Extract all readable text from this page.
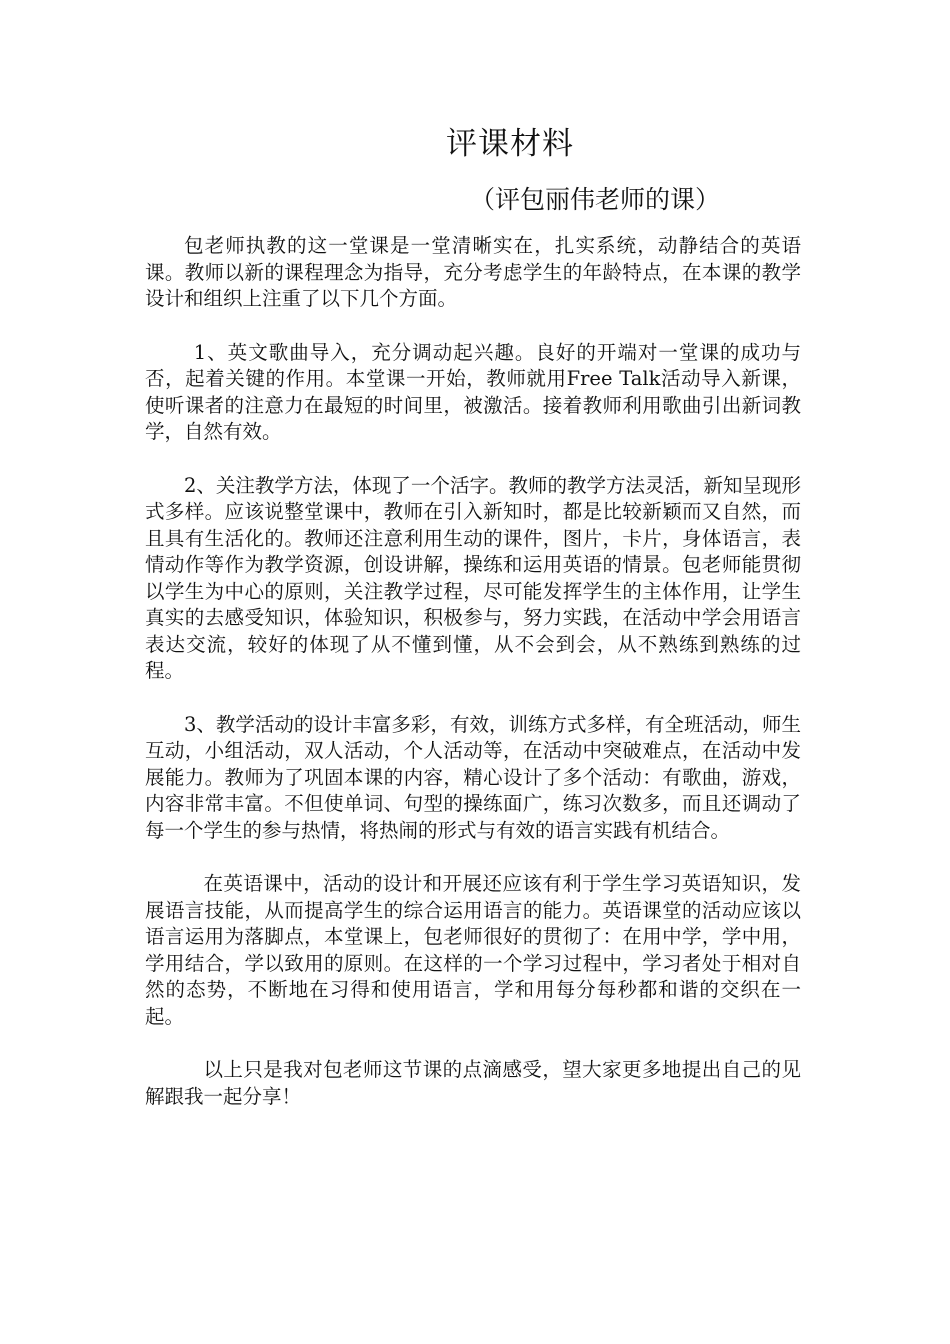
评课材料

（评包丽伟老师的课）

包老师执教的这一堂课是一堂清晰实在，扎实系统，动静结合的英语课。教师以新的课程理念为指导，充分考虑学生的年龄特点，在本课的教学设计和组织上注重了以下几个方面。

1、英文歌曲导入，充分调动起兴趣。良好的开端对一堂课的成功与否，起着关键的作用。本堂课一开始，教师就用Free Talk活动导入新课，使听课者的注意力在最短的时间里，被激活。接着教师利用歌曲引出新词教学，自然有效。

2、关注教学方法，体现了一个活字。教师的教学方法灵活，新知呈现形式多样。应该说整堂课中，教师在引入新知时，都是比较新颖而又自然，而且具有生活化的。教师还注意利用生动的课件，图片，卡片，身体语言，表情动作等作为教学资源，创设讲解，操练和运用英语的情景。包老师能贯彻以学生为中心的原则，关注教学过程，尽可能发挥学生的主体作用，让学生真实的去感受知识，体验知识，积极参与，努力实践，在活动中学会用语言表达交流，较好的体现了从不懂到懂，从不会到会，从不熟练到熟练的过程。

3、教学活动的设计丰富多彩，有效，训练方式多样，有全班活动，师生互动，小组活动，双人活动，个人活动等，在活动中突破难点，在活动中发展能力。教师为了巩固本课的内容，精心设计了多个活动：有歌曲，游戏，内容非常丰富。不但使单词、句型的操练面广，练习次数多，而且还调动了每一个学生的参与热情，将热闹的形式与有效的语言实践有机结合。

在英语课中，活动的设计和开展还应该有利于学生学习英语知识，发展语言技能，从而提高学生的综合运用语言的能力。英语课堂的活动应该以语言运用为落脚点，本堂课上，包老师很好的贯彻了：在用中学，学中用，学用结合，学以致用的原则。在这样的一个学习过程中，学习者处于相对自然的态势，不断地在习得和使用语言，学和用每分每秒都和谐的交织在一起。

以上只是我对包老师这节课的点滴感受，望大家更多地提出自己的见解跟我一起分享！
